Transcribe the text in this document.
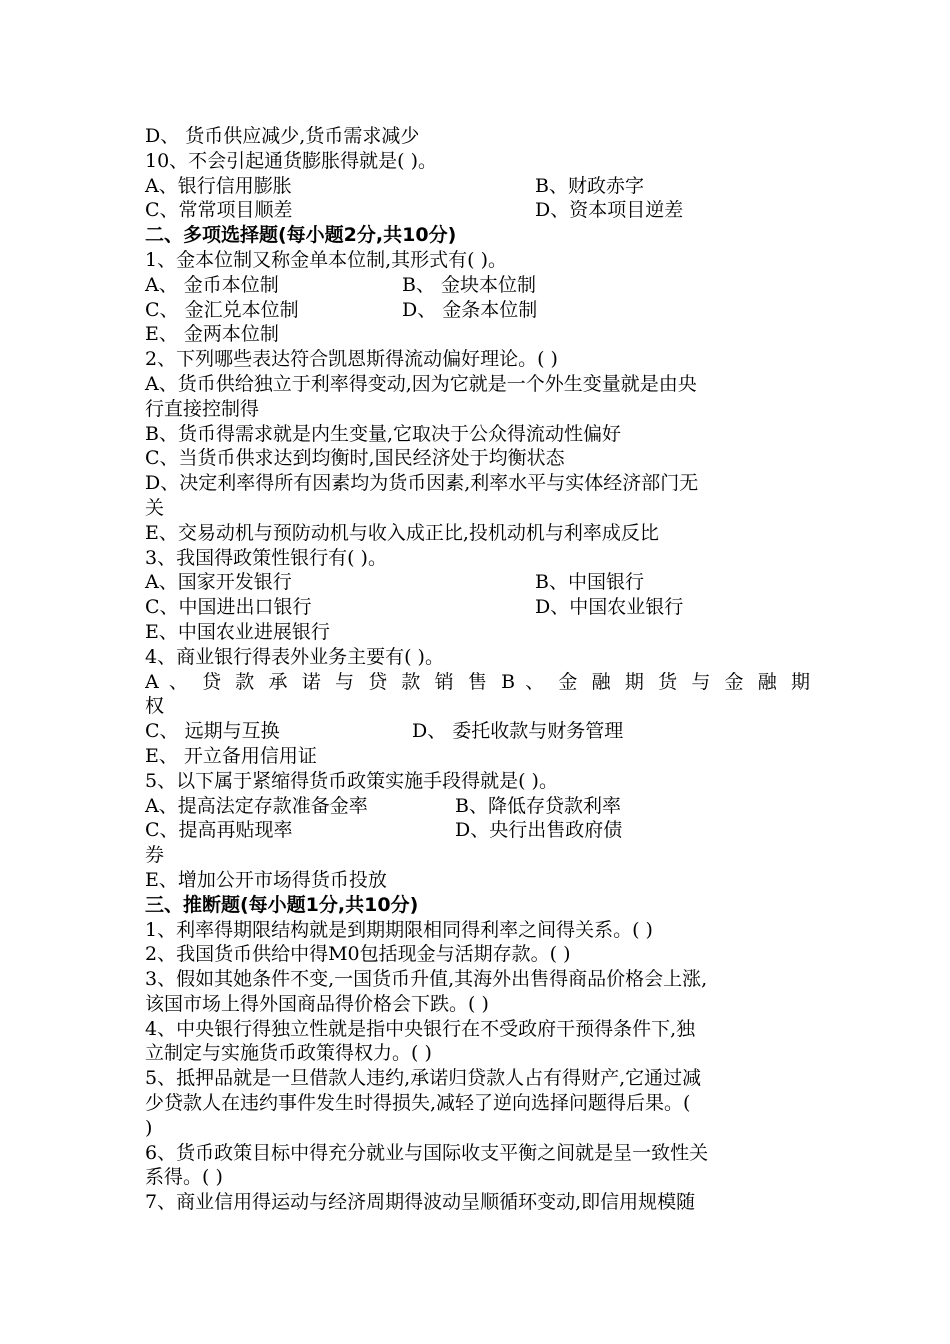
D、 货币供应减少,货币需求减少
10、不会引起通货膨胀得就是( )。
A、银行信用膨胀	B、财政赤字
C、常常项目顺差	D、资本项目逆差
二、多项选择题(每小题2分,共10分)
1、金本位制又称金单本位制,其形式有( )。
A、 金币本位制	B、 金块本位制
C、 金汇兑本位制	D、 金条本位制
E、 金两本位制
2、下列哪些表达符合凯恩斯得流动偏好理论。( )
A、货币供给独立于利率得变动,因为它就是一个外生变量就是由央
行直接控制得
B、货币得需求就是内生变量,它取决于公众得流动性偏好
C、当货币供求达到均衡时,国民经济处于均衡状态
D、决定利率得所有因素均为货币因素,利率水平与实体经济部门无
关
E、交易动机与预防动机与收入成正比,投机动机与利率成反比
3、我国得政策性银行有( )。
A、国家开发银行	B、中国银行
C、中国进出口银行	D、中国农业银行
E、中国农业进展银行
4、商业银行得表外业务主要有( )。
A 、 贷 款 承 诺 与 贷 款 销 售 B 、 金 融 期 货 与 金 融 期
权
C、 远期与互换	D、 委托收款与财务管理
E、 开立备用信用证
5、以下属于紧缩得货币政策实施手段得就是( )。
A、提高法定存款准备金率	B、降低存贷款利率
C、提高再贴现率	D、央行出售政府债
券
E、增加公开市场得货币投放
三、推断题(每小题1分,共10分)
1、利率得期限结构就是到期期限相同得利率之间得关系。( )
2、我国货币供给中得M0包括现金与活期存款。( )
3、假如其她条件不变,一国货币升值,其海外出售得商品价格会上涨,
该国市场上得外国商品得价格会下跌。( )
4、中央银行得独立性就是指中央银行在不受政府干预得条件下,独
立制定与实施货币政策得权力。( )
5、抵押品就是一旦借款人违约,承诺归贷款人占有得财产,它通过减
少贷款人在违约事件发生时得损失,减轻了逆向选择问题得后果。(
)
6、货币政策目标中得充分就业与国际收支平衡之间就是呈一致性关
系得。( )
7、商业信用得运动与经济周期得波动呈顺循环变动,即信用规模随
